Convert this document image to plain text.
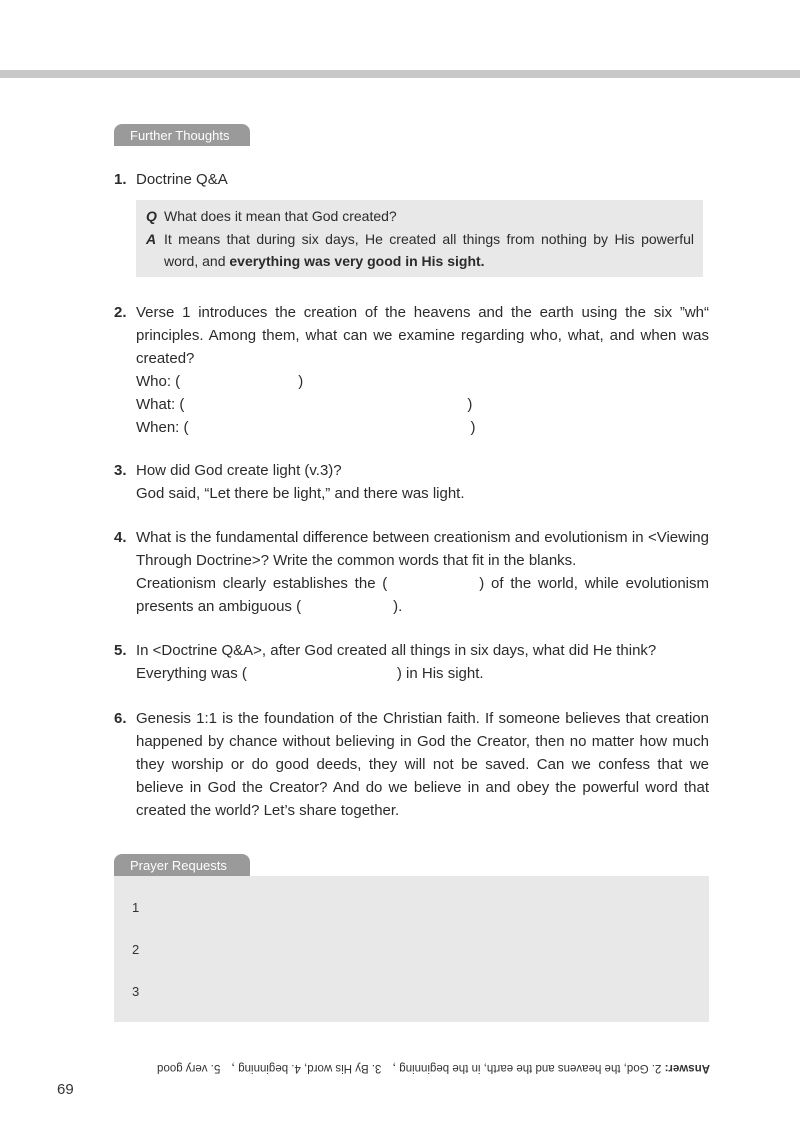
Further Thoughts
1. Doctrine Q&A
Q What does it mean that God created?
A It means that during six days, He created all things from nothing by His powerful word, and everything was very good in His sight.
2. Verse 1 introduces the creation of the heavens and the earth using the six ”wh“ principles. Among them, what can we examine regarding who, what, and when was created?
Who: (	)
What: (	)
When: (	)
3. How did God create light (v.3)?
God said, “Let there be light,” and there was light.
4. What is the fundamental difference between creationism and evolutionism in <Viewing Through Doctrine>? Write the common words that fit in the blanks.
Creationism clearly establishes the (	) of the world, while evolutionism presents an ambiguous (	).
5. In <Doctrine Q&A>, after God created all things in six days, what did He think?
Everything was (	) in His sight.
6. Genesis 1:1 is the foundation of the Christian faith. If someone believes that creation happened by chance without believing in God the Creator, then no matter how much they worship or do good deeds, they will not be saved. Can we confess that we believe in God the Creator? And do we believe in and obey the powerful word that created the world? Let’s share together.
Prayer Requests
1
2
3
Answer: 2. God, the heavens and the earth, in the beginning ， 3. By His word, 4. beginning ， 5. very good
69
